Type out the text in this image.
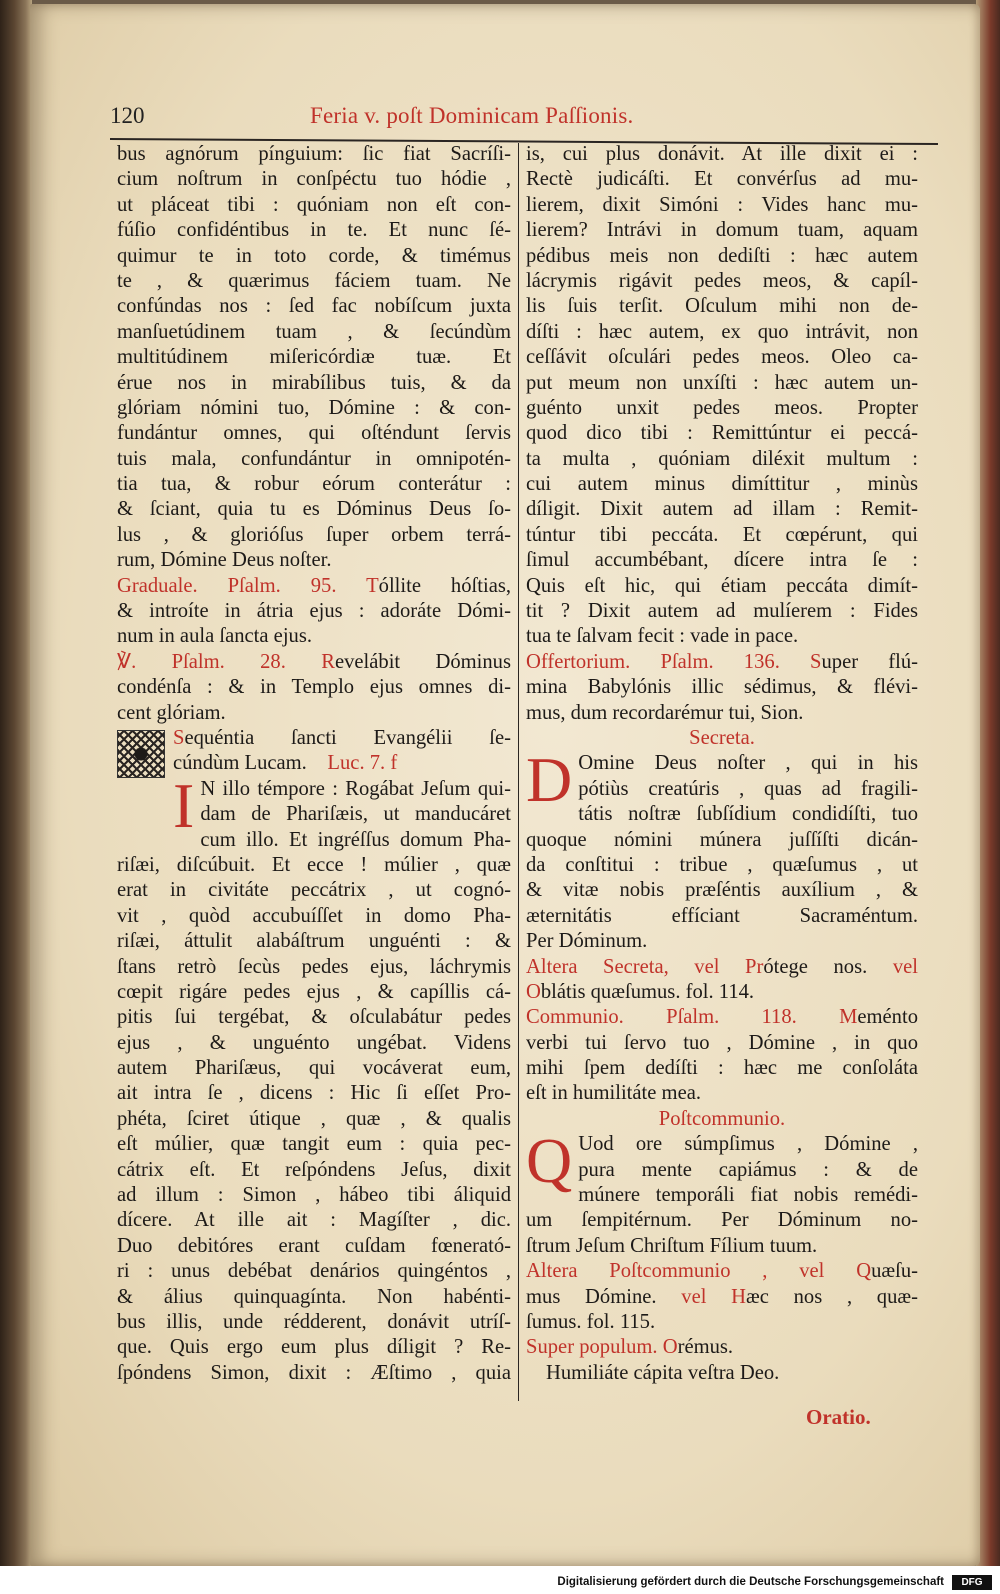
120	Feria v. poſt Dominicam Paſſionis.
bus agnórum pínguium: ſic fiat Sacríſi-
cium noſtrum in conſpéctu tuo hódie ,
ut pláceat tibi : quóniam non eſt con-
fúſio confidéntibus in te. Et nunc ſé-
quimur te in toto corde, & timémus
te , & quærimus fáciem tuam. Ne
confúndas nos : ſed fac nobíſcum juxta
manſuetúdinem tuam , & ſecúndùm
multitúdinem miſericórdiæ tuæ. Et
érue nos in mirabílibus tuis, & da
glóriam nómini tuo, Dómine : & con-
fundántur omnes, qui oſténdunt ſervis
tuis mala, confundántur in omnipotén-
tia tua, & robur eórum conterátur :
& ſciant, quia tu es Dóminus Deus ſo-
lus , & glorióſus ſuper orbem terrá-
rum, Dómine Deus noſter.
Graduale. Pſalm. 95. Tóllite hóſtias,
& introíte in átria ejus : adoráte Dómi-
num in aula ſancta ejus.
℣. Pſalm. 28. Revelábit Dóminus
condénſa : & in Templo ejus omnes di-
cent glóriam.
Sequéntia ſancti Evangélii ſe-
cúndùm Lucam. Luc. 7. f
I N illo témpore : Rogábat Jeſum qui-
dam de Phariſæis, ut manducáret
cum illo. Et ingréſſus domum Pha-
riſæi, diſcúbuit. Et ecce ! múlier , quæ
erat in civitáte peccátrix , ut cognó-
vit , quòd accubuíſſet in domo Pha-
riſæi, áttulit alabáſtrum unguénti : &
ſtans retrò ſecùs pedes ejus, láchrymis
cœpit rigáre pedes ejus , & capíllis cá-
pitis ſui tergébat, & oſculabátur pedes
ejus , & unguénto ungébat. Videns
autem Phariſæus, qui vocáverat eum,
ait intra ſe , dicens : Hic ſi eſſet Pro-
phéta, ſciret útique , quæ , & qualis
eſt múlier, quæ tangit eum : quia pec-
cátrix eſt. Et reſpóndens Jeſus, dixit
ad illum : Simon , hábeo tibi áliquid
dícere. At ille ait : Magíſter , dic.
Duo debitóres erant cuſdam fœnerató-
ri : unus debébat denários quingéntos ,
& álius quinquagínta. Non habénti-
bus illis, unde rédderent, donávit utríſ-
que. Quis ergo eum plus díligit ? Re-
ſpóndens Simon, dixit : Æſtimo , quia
is, cui plus donávit. At ille dixit ei :
Rectè judicáſti. Et convérſus ad mu-
lierem, dixit Simóni : Vides hanc mu-
lierem? Intrávi in domum tuam, aquam
pédibus meis non dediſti : hæc autem
lácrymis rigávit pedes meos, & capíl-
lis ſuis terſit. Oſculum mihi non de-
díſti : hæc autem, ex quo intrávit, non
ceſſávit oſculári pedes meos. Oleo ca-
put meum non unxíſti : hæc autem un-
guénto unxit pedes meos. Propter
quod dico tibi : Remittúntur ei peccá-
ta multa , quóniam diléxit multum :
cui autem minus dimíttitur , minùs
díligit. Dixit autem ad illam : Remit-
túntur tibi peccáta. Et cœpérunt, qui
ſimul accumbébant, dícere intra ſe :
Quis eſt hic, qui étiam peccáta dimít-
tit ? Dixit autem ad mulíerem : Fides
tua te ſalvam fecit : vade in pace.
Offertorium. Pſalm. 136. Super flú-
mina Babylónis illic sédimus, & flévi-
mus, dum recordarémur tui, Sion.
Secreta.
D Omine Deus noſter , qui in his
pótiùs creatúris , quas ad fragili-
tátis noſtræ ſubſídium condidíſti, tuo
quoque nómini múnera juſſíſti dicán-
da conſtitui : tribue , quæſumus , ut
& vitæ nobis præſéntis auxílium , &
æternitátis effíciant Sacraméntum.
Per Dóminum.
Altera Secreta, vel Prótege nos. vel
Oblátis quæſumus. fol. 114.
Communio. Pſalm. 118. Meménto
verbi tui ſervo tuo , Dómine , in quo
mihi ſpem dedíſti : hæc me conſoláta
eſt in humilitáte mea.
Poſtcommunio.
Q Uod ore súmpſimus , Dómine ,
pura mente capiámus : & de
múnere temporáli fiat nobis remédi-
um ſempitérnum. Per Dóminum no-
ſtrum Jeſum Chriſtum Fílium tuum.
Altera Poſtcommunio , vel Quæſu-
mus Dómine. vel Hæc nos , quæ-
ſumus. fol. 115.
Super populum. Orémus.
Humiliáte cápita veſtra Deo.
Oratio.
Digitalisierung gefördert durch die Deutsche Forschungsgemeinschaft	DFG
